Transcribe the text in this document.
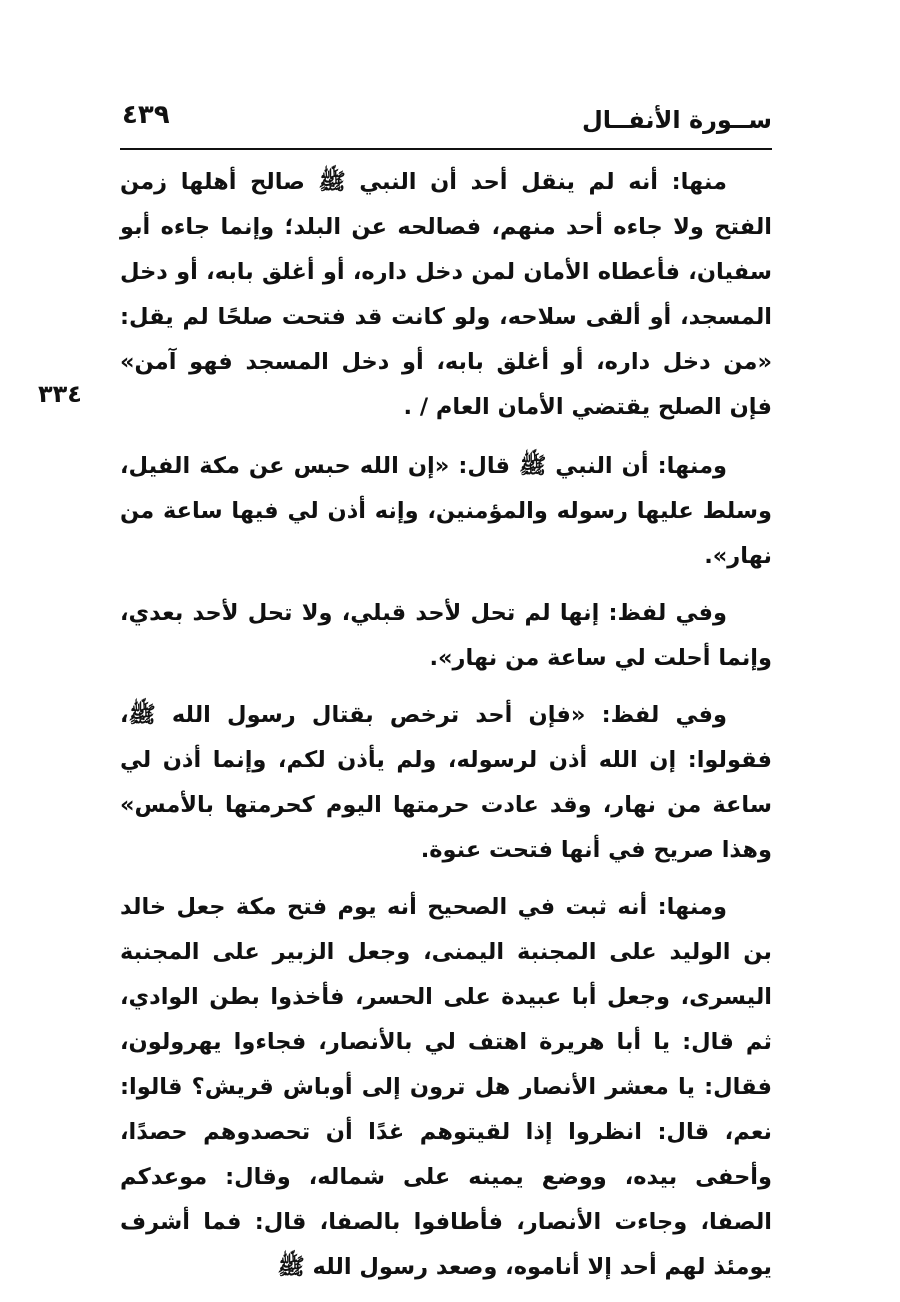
ســورة الأنفــال
٤٣٩
٣٣٤

منها: أنه لم ينقل أحد أن النبي ﷺ صالح أهلها زمن الفتح ولا جاءه أحد منهم، فصالحه عن البلد؛ وإنما جاءه أبو سفيان، فأعطاه الأمان لمن دخل داره، أو أغلق بابه، أو دخل المسجد، أو ألقى سلاحه، ولو كانت قد فتحت صلحًا لم يقل: «من دخل داره، أو أغلق بابه، أو دخل المسجد فهو آمن» فإن الصلح يقتضي الأمان العام / .

ومنها: أن النبي ﷺ قال: «إن الله حبس عن مكة الفيل، وسلط عليها رسوله والمؤمنين، وإنه أذن لي فيها ساعة من نهار».

وفي لفظ: إنها لم تحل لأحد قبلي، ولا تحل لأحد بعدي، وإنما أحلت لي ساعة من نهار».

وفي لفظ: «فإن أحد ترخص بقتال رسول الله ﷺ، فقولوا: إن الله أذن لرسوله، ولم يأذن لكم، وإنما أذن لي ساعة من نهار، وقد عادت حرمتها اليوم كحرمتها بالأمس» وهذا صريح في أنها فتحت عنوة.

ومنها: أنه ثبت في الصحيح أنه يوم فتح مكة جعل خالد بن الوليد على المجنبة اليمنى، وجعل الزبير على المجنبة اليسرى، وجعل أبا عبيدة على الحسر، فأخذوا بطن الوادي، ثم قال: يا أبا هريرة اهتف لي بالأنصار، فجاءوا يهرولون، فقال: يا معشر الأنصار هل ترون إلى أوباش قريش؟ قالوا: نعم، قال: انظروا إذا لقيتوهم غدًا أن تحصدوهم حصدًا، وأحفى بيده، ووضع يمينه على شماله، وقال: موعدكم الصفا، وجاءت الأنصار، فأطافوا بالصفا، قال: فما أشرف يومئذ لهم أحد إلا أناموه، وصعد رسول الله ﷺ
